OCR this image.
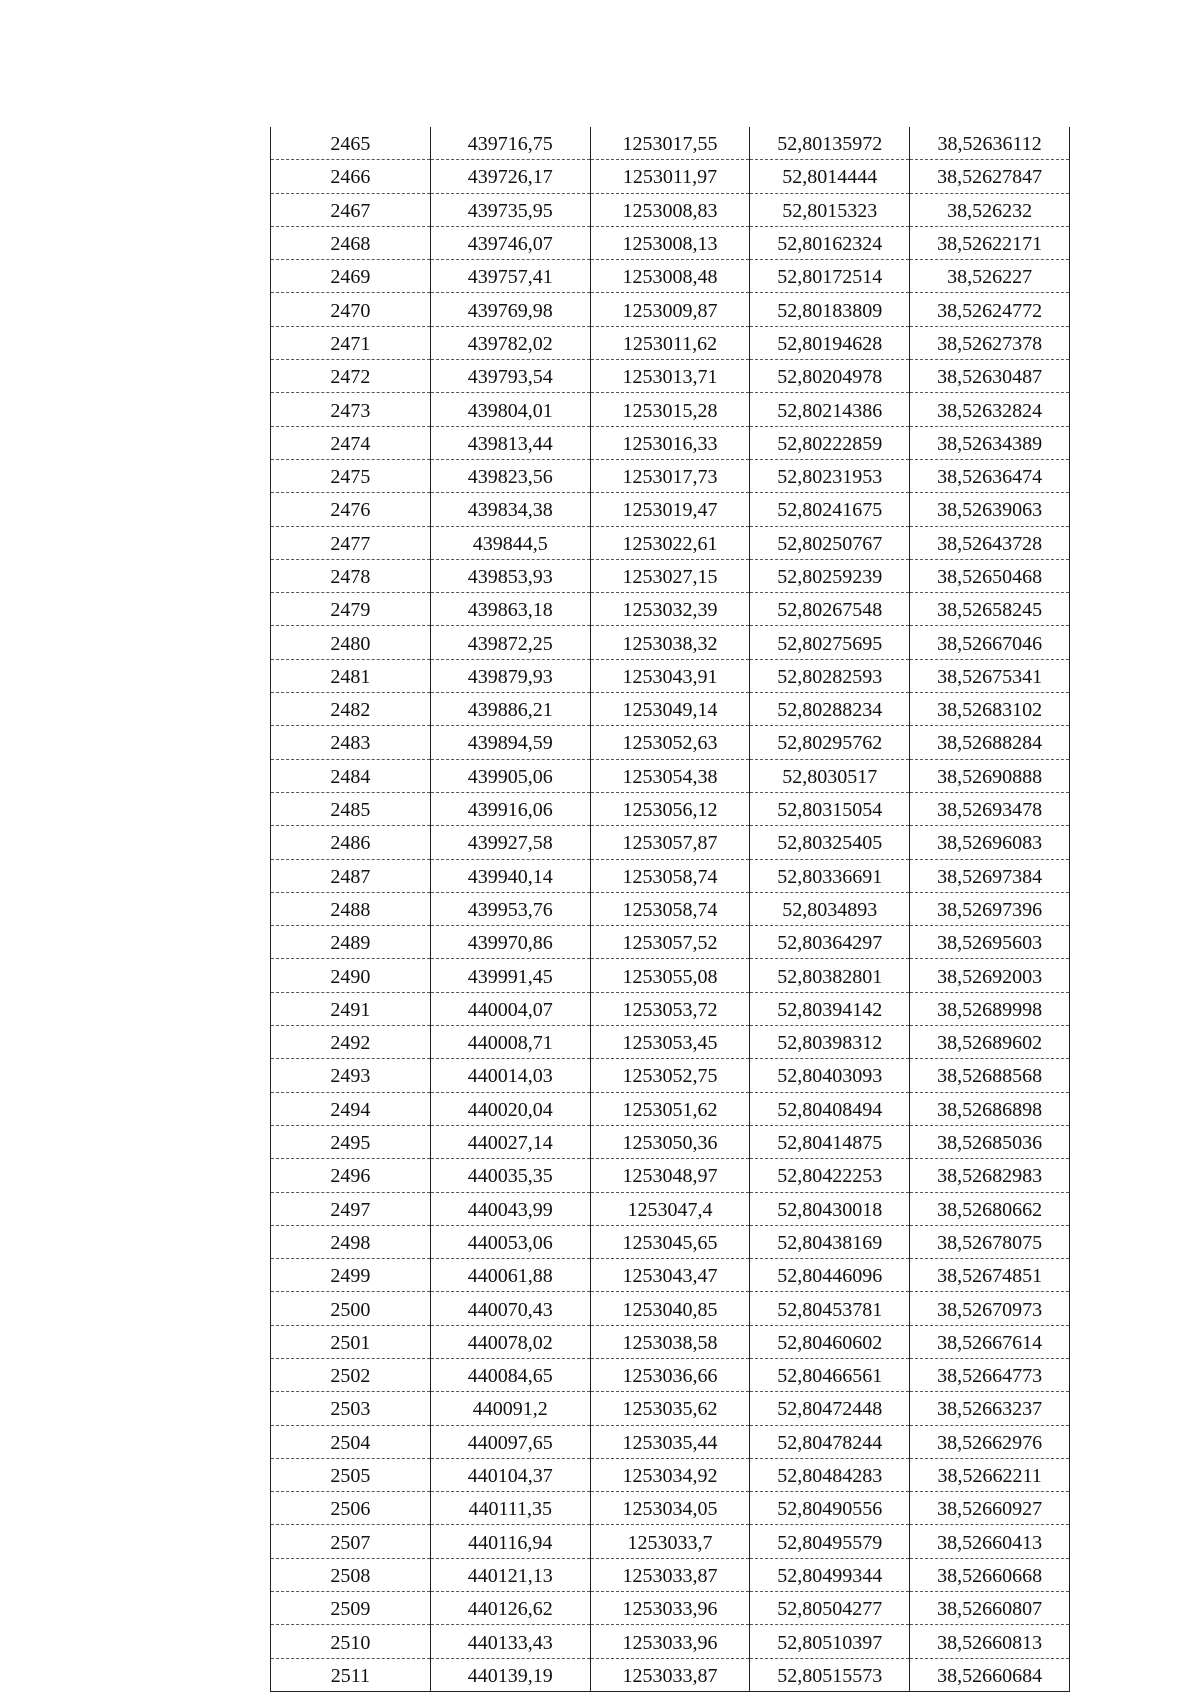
2465	439716,75	1253017,55	52,80135972	38,52636112
2466	439726,17	1253011,97	52,8014444	38,52627847
2467	439735,95	1253008,83	52,8015323	38,526232
2468	439746,07	1253008,13	52,80162324	38,52622171
2469	439757,41	1253008,48	52,80172514	38,526227
2470	439769,98	1253009,87	52,80183809	38,52624772
2471	439782,02	1253011,62	52,80194628	38,52627378
2472	439793,54	1253013,71	52,80204978	38,52630487
2473	439804,01	1253015,28	52,80214386	38,52632824
2474	439813,44	1253016,33	52,80222859	38,52634389
2475	439823,56	1253017,73	52,80231953	38,52636474
2476	439834,38	1253019,47	52,80241675	38,52639063
2477	439844,5	1253022,61	52,80250767	38,52643728
2478	439853,93	1253027,15	52,80259239	38,52650468
2479	439863,18	1253032,39	52,80267548	38,52658245
2480	439872,25	1253038,32	52,80275695	38,52667046
2481	439879,93	1253043,91	52,80282593	38,52675341
2482	439886,21	1253049,14	52,80288234	38,52683102
2483	439894,59	1253052,63	52,80295762	38,52688284
2484	439905,06	1253054,38	52,8030517	38,52690888
2485	439916,06	1253056,12	52,80315054	38,52693478
2486	439927,58	1253057,87	52,80325405	38,52696083
2487	439940,14	1253058,74	52,80336691	38,52697384
2488	439953,76	1253058,74	52,8034893	38,52697396
2489	439970,86	1253057,52	52,80364297	38,52695603
2490	439991,45	1253055,08	52,80382801	38,52692003
2491	440004,07	1253053,72	52,80394142	38,52689998
2492	440008,71	1253053,45	52,80398312	38,52689602
2493	440014,03	1253052,75	52,80403093	38,52688568
2494	440020,04	1253051,62	52,80408494	38,52686898
2495	440027,14	1253050,36	52,80414875	38,52685036
2496	440035,35	1253048,97	52,80422253	38,52682983
2497	440043,99	1253047,4	52,80430018	38,52680662
2498	440053,06	1253045,65	52,80438169	38,52678075
2499	440061,88	1253043,47	52,80446096	38,52674851
2500	440070,43	1253040,85	52,80453781	38,52670973
2501	440078,02	1253038,58	52,80460602	38,52667614
2502	440084,65	1253036,66	52,80466561	38,52664773
2503	440091,2	1253035,62	52,80472448	38,52663237
2504	440097,65	1253035,44	52,80478244	38,52662976
2505	440104,37	1253034,92	52,80484283	38,52662211
2506	440111,35	1253034,05	52,80490556	38,52660927
2507	440116,94	1253033,7	52,80495579	38,52660413
2508	440121,13	1253033,87	52,80499344	38,52660668
2509	440126,62	1253033,96	52,80504277	38,52660807
2510	440133,43	1253033,96	52,80510397	38,52660813
2511	440139,19	1253033,87	52,80515573	38,52660684
